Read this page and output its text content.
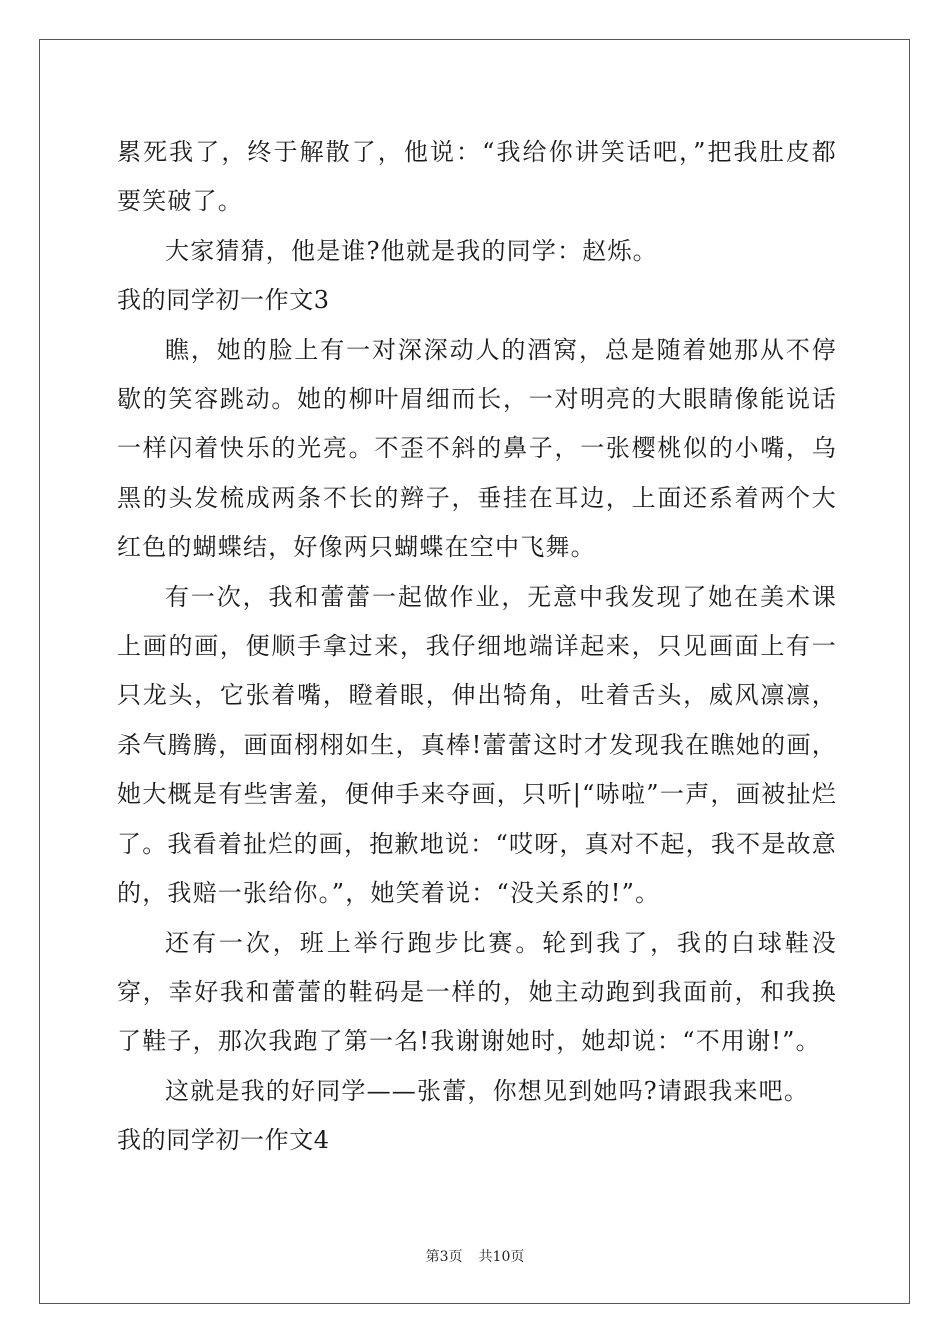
累死我了，终于解散了，他说：“我给你讲笑话吧，”把我肚皮都要笑破了。

大家猜猜，他是谁?他就是我的同学：赵烁。

我的同学初一作文3

瞧，她的脸上有一对深深动人的酒窝，总是随着她那从不停歇的笑容跳动。她的柳叶眉细而长，一对明亮的大眼睛像能说话一样闪着快乐的光亮。不歪不斜的鼻子，一张樱桃似的小嘴，乌黑的头发梳成两条不长的辫子，垂挂在耳边，上面还系着两个大红色的蝴蝶结，好像两只蝴蝶在空中飞舞。

有一次，我和蕾蕾一起做作业，无意中我发现了她在美术课上画的画，便顺手拿过来，我仔细地端详起来，只见画面上有一只龙头，它张着嘴，瞪着眼，伸出犄角，吐着舌头，威风凛凛，杀气腾腾，画面栩栩如生，真棒!蕾蕾这时才发现我在瞧她的画，她大概是有些害羞，便伸手来夺画，只听|“哧啦”一声，画被扯烂了。我看着扯烂的画，抱歉地说：“哎呀，真对不起，我不是故意的，我赔一张给你。”，她笑着说：“没关系的!”。

还有一次，班上举行跑步比赛。轮到我了，我的白球鞋没穿，幸好我和蕾蕾的鞋码是一样的，她主动跑到我面前，和我换了鞋子，那次我跑了第一名!我谢谢她时，她却说：“不用谢!”。

这就是我的好同学——张蕾，你想见到她吗?请跟我来吧。

我的同学初一作文4

第3页 共10页
